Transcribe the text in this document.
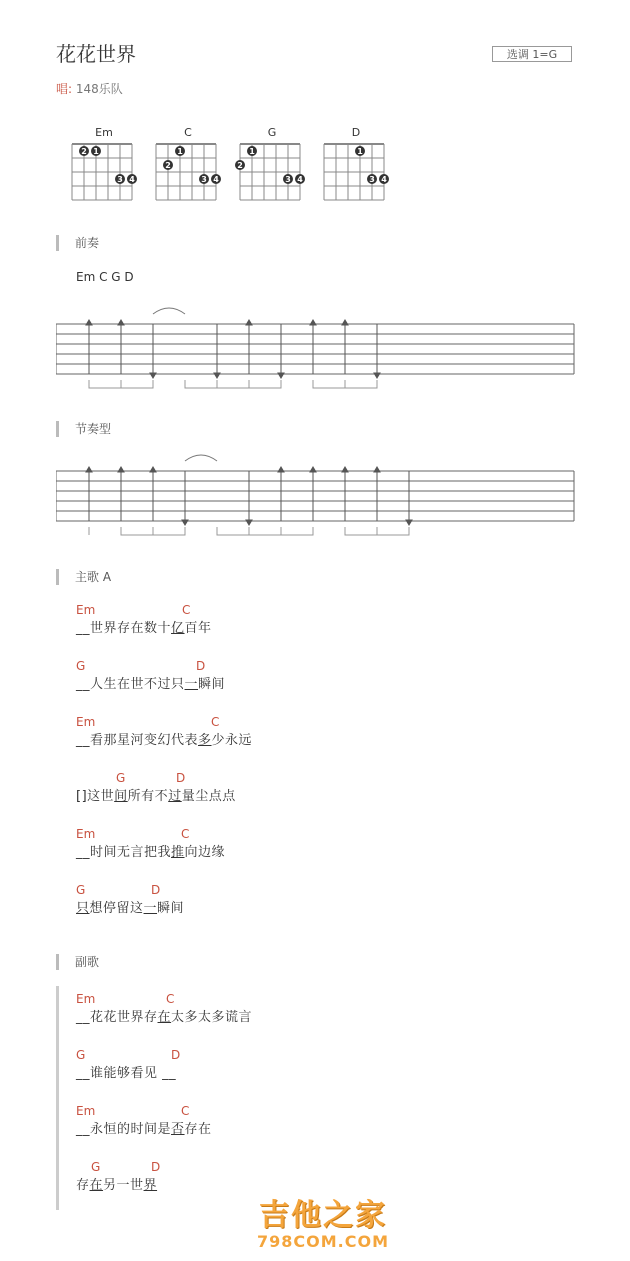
花花世界	选调 1=G
唱: 148乐队
Em
2 1
3 4
C
1
2
3 4
G
1
2
3 4
D
1
3 4
前奏
Em C G D
节奏型
主歌 A
Em	C
__世界存在数十亿百年
G	D
__人生在世不过只一瞬间
Em	C
__看那星河变幻代表多少永远
G	D
[]这世间所有不过量尘点点
Em	C
__时间无言把我推向边缘
G	D
只想停留这一瞬间
副歌
Em	C
__花花世界存在太多太多谎言
G	D
__谁能够看见 __
Em	C
__永恒的时间是否存在
G	D
存在另一世界
吉他之家
798COM.COM
